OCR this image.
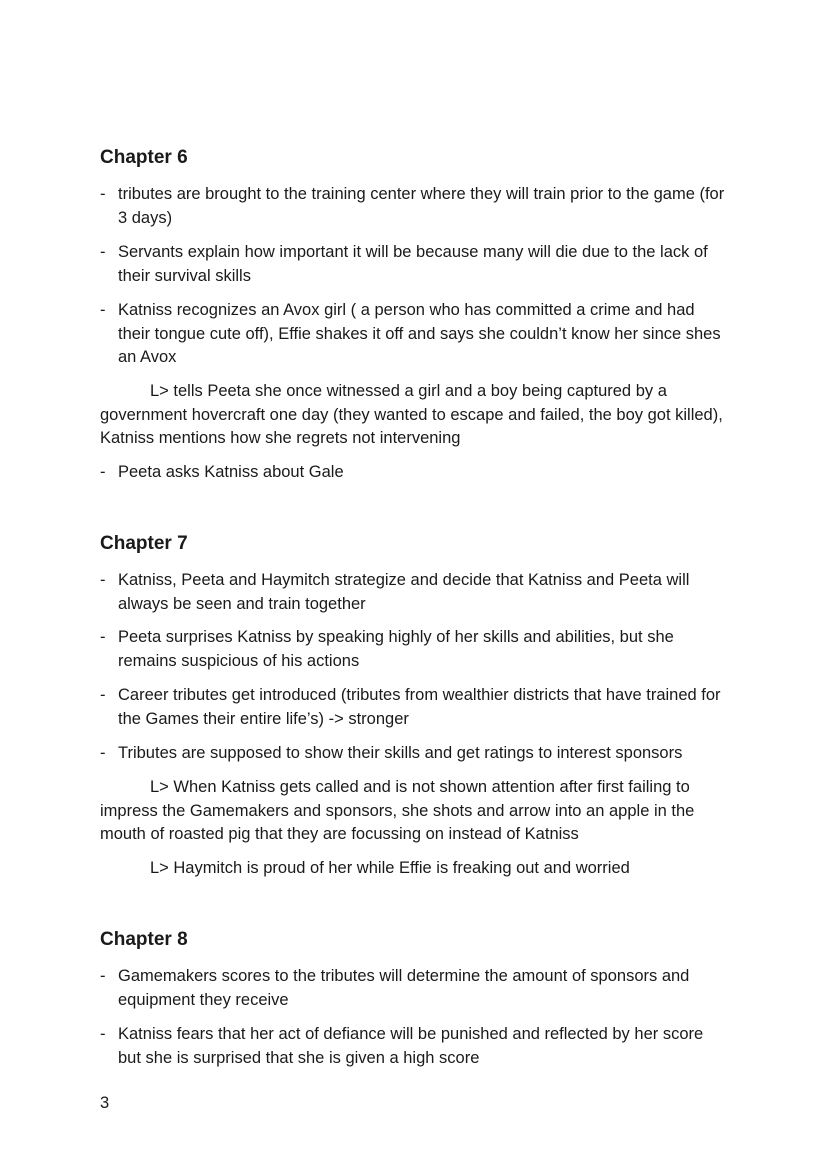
Chapter 6
- tributes are brought to the training center where they will train prior to the game (for 3 days)
- Servants explain how important it will be because many will die due to the lack of their survival skills
- Katniss recognizes an Avox girl ( a person who has committed a crime and had their tongue cute off), Effie shakes it off and says she couldn’t know her since shes an Avox
L> tells Peeta she once witnessed a girl and a boy being captured by a government hovercraft one day (they wanted to escape and failed, the boy got killed), Katniss mentions how she regrets not intervening
- Peeta asks Katniss about Gale
Chapter 7
- Katniss, Peeta and Haymitch strategize and decide that Katniss and Peeta will always be seen and train together
- Peeta surprises Katniss by speaking highly of her skills and abilities, but she remains suspicious of his actions
- Career tributes get introduced (tributes from wealthier districts that have trained for the Games their entire life’s) -> stronger
- Tributes are supposed to show their skills and get ratings to interest sponsors
L> When Katniss gets called and is not shown attention after first failing to impress the Gamemakers and sponsors, she shots and arrow into an apple in the mouth of roasted pig that they are focussing on instead of Katniss
L> Haymitch is proud of her while Effie is freaking out and worried
Chapter 8
- Gamemakers scores to the tributes will determine the amount of sponsors and equipment they receive
- Katniss fears that her act of defiance will be punished and reflected by her score but she is surprised that she is given a high score
3
